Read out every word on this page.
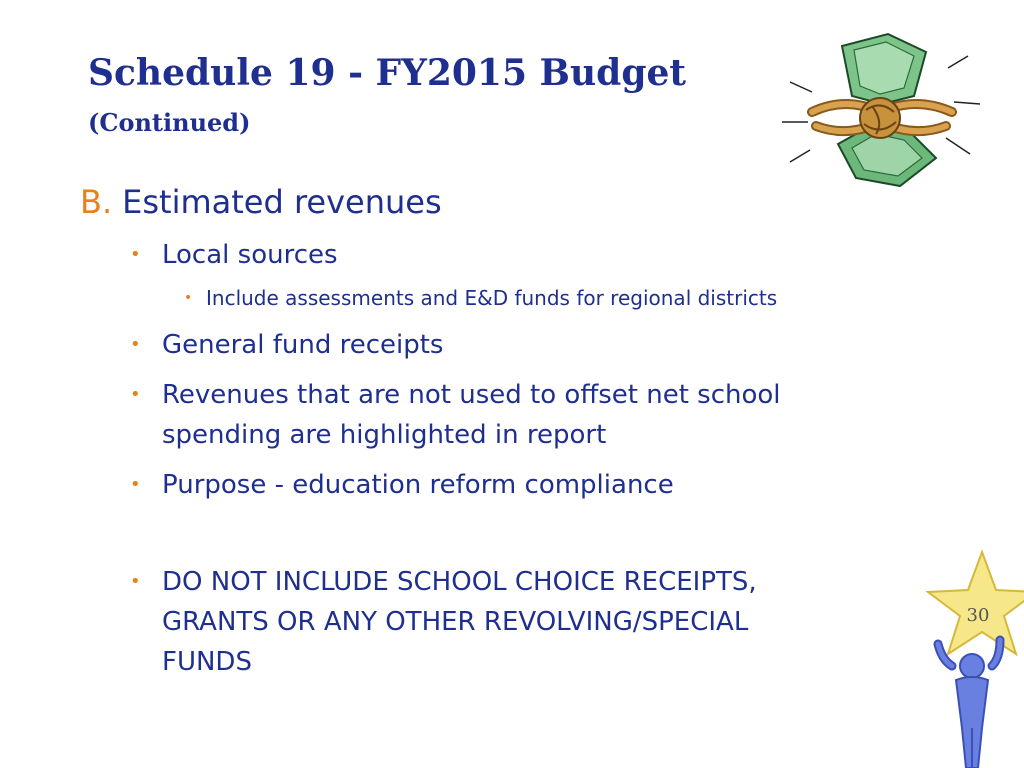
Schedule 19 - FY2015 Budget
(Continued)
B. Estimated revenues
• Local sources
• Include assessments and E&D funds for regional districts
• General fund receipts
• Revenues that are not used to offset net school
spending are highlighted in report
• Purpose - education reform compliance
• DO NOT INCLUDE SCHOOL CHOICE RECEIPTS,
GRANTS OR ANY OTHER REVOLVING/SPECIAL
FUNDS
30
